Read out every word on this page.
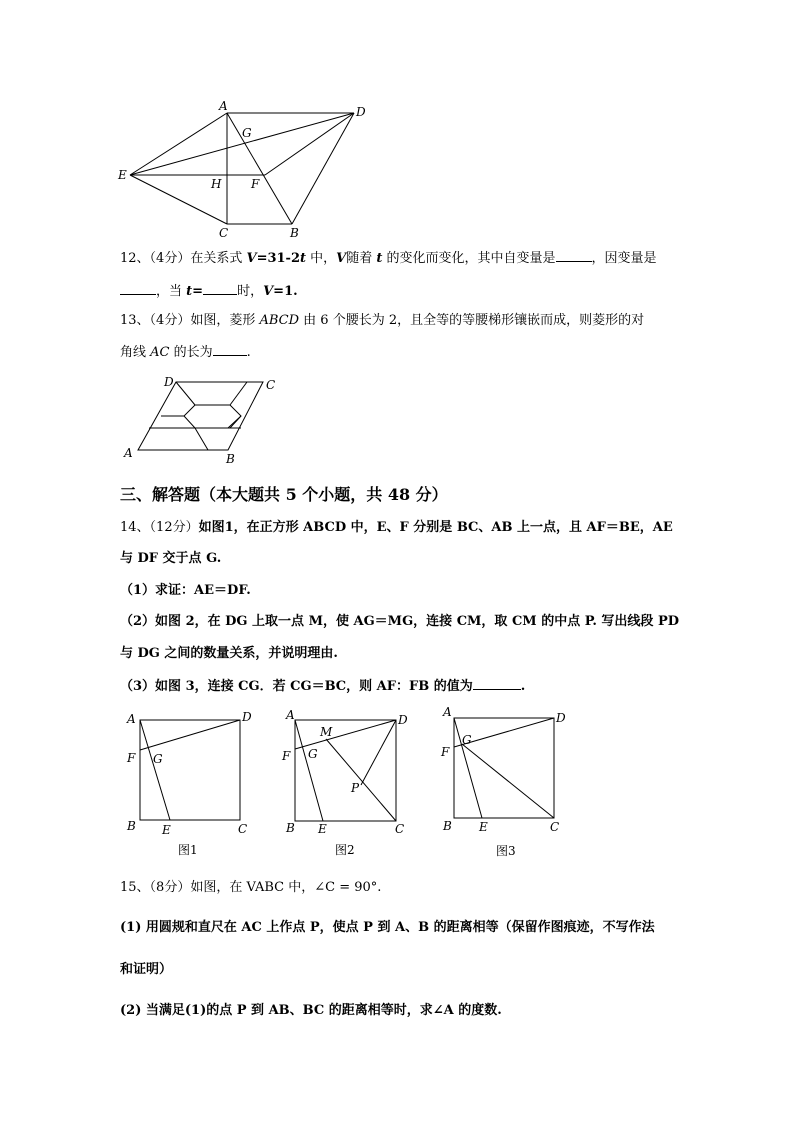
A	D
G
E
H F
C	B
12、（4分）在关系式 V=31-2t 中，V随着 t 的变化而变化，其中自变量是	，因变量是
，当 t=	时，V=1.
13、（4分）如图，菱形 ABCD 由 6 个腰长为 2，且全等的等腰梯形镶嵌而成，则菱形的对
角线 AC 的长为	.
D	C
A	B
三、解答题（本大题共 5 个小题，共 48 分）
14、（12分）如图1，在正方形 ABCD 中，E、F 分别是 BC、AB 上一点，且 AF＝BE，AE
与 DF 交于点 G.
（1）求证：AE＝DF.
（2）如图 2，在 DG 上取一点 M，使 AG＝MG，连接 CM，取 CM 的中点 P. 写出线段 PD
与 DG 之间的数量关系，并说明理由.
（3）如图 3，连接 CG．若 CG＝BC，则 AF：FB 的值为	.
A	D
F G
B E	C
图1
A	D
M
F G
P
B E	C
图2
A	D
G
F
B E	C
图3
15、（8分）如图，在 VABC 中，∠C = 90°.
(1) 用圆规和直尺在 AC 上作点 P，使点 P 到 A、B 的距离相等（保留作图痕迹，不写作法
和证明）
(2) 当满足(1)的点 P 到 AB、BC 的距离相等时，求∠A 的度数.
